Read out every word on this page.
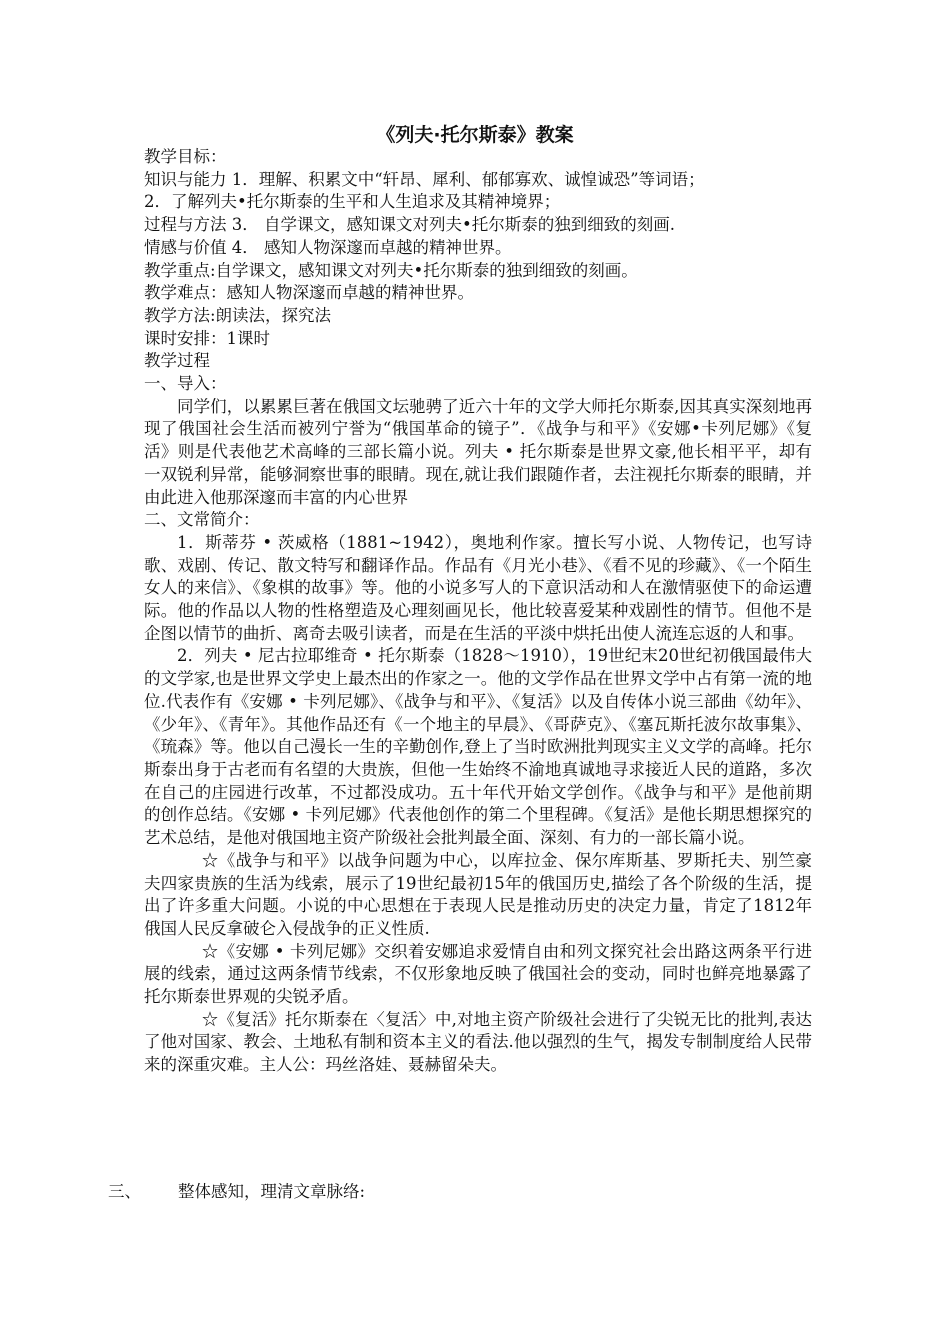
《列夫·托尔斯泰》教案

教学目标：

知识与能力 1．理解、积累文中“轩昂、犀利、郁郁寡欢、诚惶诚恐”等词语；

2．了解列夫•托尔斯泰的生平和人生追求及其精神境界；

过程与方法 3． 自学课文，感知课文对列夫•托尔斯泰的独到细致的刻画.

情感与价值 4． 感知人物深邃而卓越的精神世界。

教学重点:自学课文，感知课文对列夫•托尔斯泰的独到细致的刻画。

教学难点：感知人物深邃而卓越的精神世界。

教学方法:朗读法，探究法

课时安排：1课时

教学过程

一、导入：

同学们，以累累巨著在俄国文坛驰骋了近六十年的文学大师托尔斯泰,因其真实深刻地再现了俄国社会生活而被列宁誉为“俄国革命的镜子”．《战争与和平》《安娜•卡列尼娜》《复活》则是代表他艺术高峰的三部长篇小说。列夫 • 托尔斯泰是世界文豪,他长相平平，却有一双锐利异常，能够洞察世事的眼睛。现在,就让我们跟随作者，去注视托尔斯泰的眼睛，并由此进入他那深邃而丰富的内心世界

二、文常简介：

1．斯蒂芬 • 茨威格（1881~1942），奥地利作家。擅长写小说、人物传记，也写诗歌、戏剧、传记、散文特写和翻译作品。作品有《月光小巷》、《看不见的珍藏》、《一个陌生女人的来信》、《象棋的故事》等。他的小说多写人的下意识活动和人在激情驱使下的命运遭际。他的作品以人物的性格塑造及心理刻画见长，他比较喜爱某种戏剧性的情节。但他不是企图以情节的曲折、离奇去吸引读者，而是在生活的平淡中烘托出使人流连忘返的人和事。

2．列夫 • 尼古拉耶维奇 • 托尔斯泰（1828～1910），19世纪末20世纪初俄国最伟大的文学家,也是世界文学史上最杰出的作家之一。他的文学作品在世界文学中占有第一流的地位.代表作有《安娜 • 卡列尼娜》、《战争与和平》、《复活》以及自传体小说三部曲《幼年》、《少年》、《青年》。其他作品还有《一个地主的早晨》、《哥萨克》、《塞瓦斯托波尔故事集》、《琉森》等。他以自己漫长一生的辛勤创作,登上了当时欧洲批判现实主义文学的高峰。托尔斯泰出身于古老而有名望的大贵族，但他一生始终不渝地真诚地寻求接近人民的道路，多次在自己的庄园进行改革，不过都没成功。五十年代开始文学创作。《战争与和平》是他前期的创作总结。《安娜 • 卡列尼娜》代表他创作的第二个里程碑。《复活》是他长期思想探究的艺术总结，是他对俄国地主资产阶级社会批判最全面、深刻、有力的一部长篇小说。

☆《战争与和平》以战争问题为中心，以库拉金、保尔库斯基、罗斯托夫、别竺豪夫四家贵族的生活为线索，展示了19世纪最初15年的俄国历史,描绘了各个阶级的生活，提出了许多重大问题。小说的中心思想在于表现人民是推动历史的决定力量，肯定了1812年俄国人民反拿破仑入侵战争的正义性质.

☆《安娜 • 卡列尼娜》交织着安娜追求爱情自由和列文探究社会出路这两条平行进展的线索，通过这两条情节线索，不仅形象地反映了俄国社会的变动，同时也鲜亮地暴露了托尔斯泰世界观的尖锐矛盾。

☆《复活》托尔斯泰在〈复活〉中,对地主资产阶级社会进行了尖锐无比的批判,表达了他对国家、教会、土地私有制和资本主义的看法.他以强烈的生气，揭发专制制度给人民带来的深重灾难。主人公：玛丝洛娃、聂赫留朵夫。

三、 整体感知，理清文章脉络:
